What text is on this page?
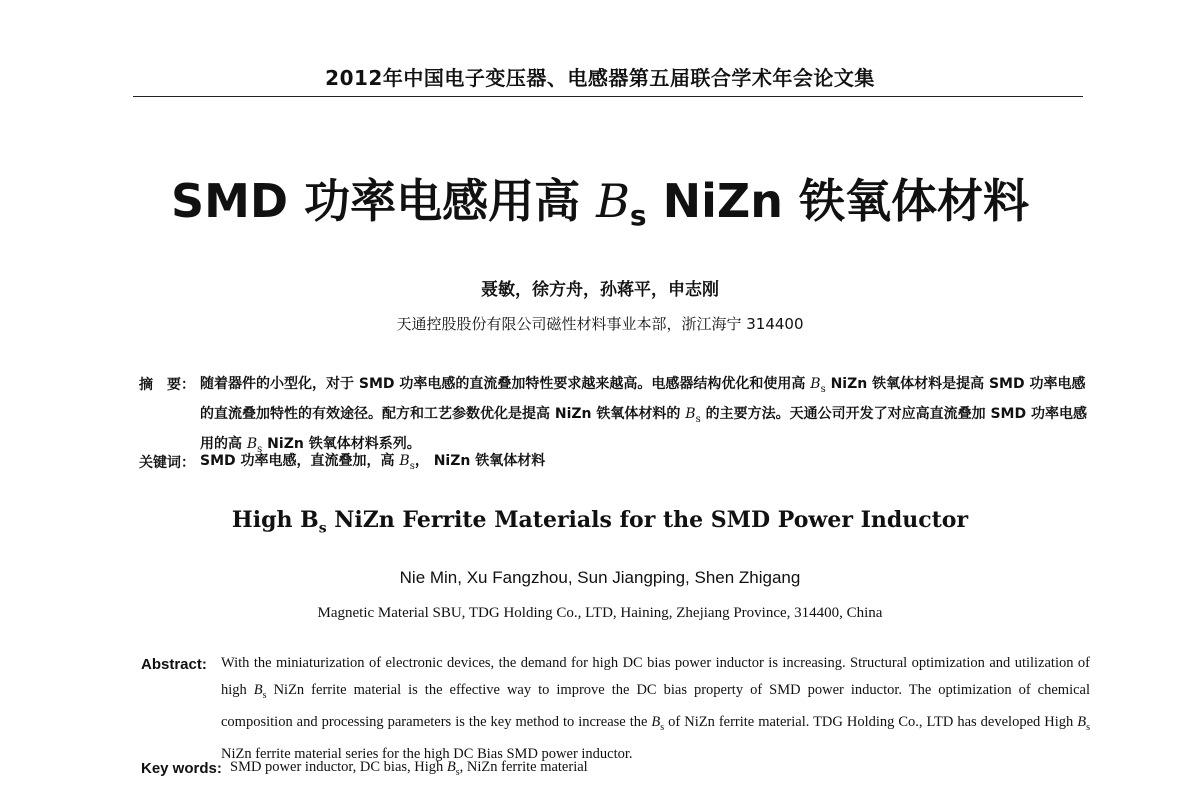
2012年中国电子变压器、电感器第五届联合学术年会论文集
SMD 功率电感用高 $B_s$ NiZn 铁氧体材料
聂敏，徐方舟，孙蒋平，申志刚
天通控股股份有限公司磁性材料事业本部，浙江海宁 314400
摘　要： 随着器件的小型化，对于 SMD 功率电感的直流叠加特性要求越来越高。电感器结构优化和使用高 $B_s$ NiZn 铁氧体材料是提高 SMD 功率电感的直流叠加特性的有效途径。配方和工艺参数优化是提高 NiZn 铁氧体材料的 $B_s$ 的主要方法。天通公司开发了对应高直流叠加 SMD 功率电感用的高 $B_s$ NiZn 铁氧体材料系列。
关键词： SMD 功率电感，直流叠加，高 $B_s$， NiZn 铁氧体材料
High $B_s$ NiZn Ferrite Materials for the SMD Power Inductor
Nie Min, Xu Fangzhou, Sun Jiangping, Shen Zhigang
Magnetic Material SBU, TDG Holding Co., LTD, Haining, Zhejiang Province, 314400, China
Abstract: With the miniaturization of electronic devices, the demand for high DC bias power inductor is increasing. Structural optimization and utilization of high $B_s$ NiZn ferrite material is the effective way to improve the DC bias property of SMD power inductor. The optimization of chemical composition and processing parameters is the key method to increase the $B_s$ of NiZn ferrite material. TDG Holding Co., LTD has developed High $B_s$ NiZn ferrite material series for the high DC Bias SMD power inductor.
Key words: SMD power inductor, DC bias, High $B_s$, NiZn ferrite material
